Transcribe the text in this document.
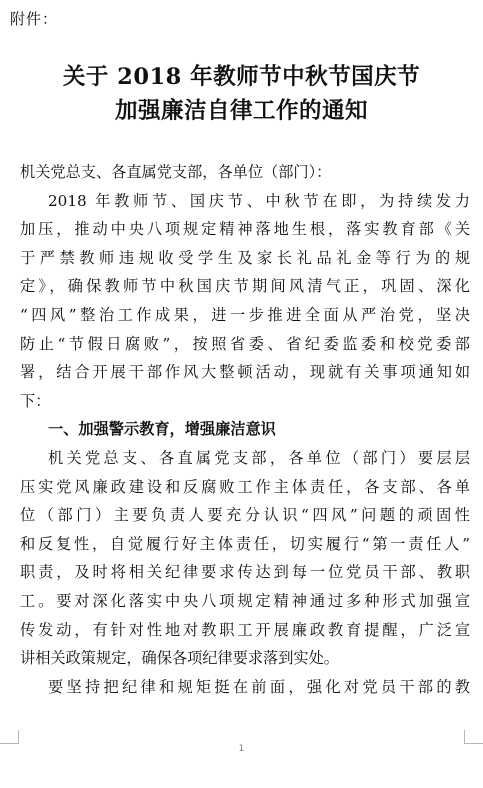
附件：
关于 2018 年教师节中秋节国庆节
加强廉洁自律工作的通知
机关党总支、各直属党支部，各单位（部门）：
2018 年教师节、国庆节、中秋节在即，为持续发力
加压，推动中央八项规定精神落地生根，落实教育部《关
于严禁教师违规收受学生及家长礼品礼金等行为的规
定》，确保教师节中秋国庆节期间风清气正，巩固、深化
“四风”整治工作成果，进一步推进全面从严治党，坚决
防止“节假日腐败”，按照省委、省纪委监委和校党委部
署，结合开展干部作风大整顿活动，现就有关事项通知如
下：
一、加强警示教育，增强廉洁意识
机关党总支、各直属党支部，各单位（部门）要层层
压实党风廉政建设和反腐败工作主体责任，各支部、各单
位（部门）主要负责人要充分认识“四风”问题的顽固性
和反复性，自觉履行好主体责任，切实履行“第一责任人”
职责，及时将相关纪律要求传达到每一位党员干部、教职
工。要对深化落实中央八项规定精神通过多种形式加强宣
传发动，有针对性地对教职工开展廉政教育提醒，广泛宣
讲相关政策规定，确保各项纪律要求落到实处。
要坚持把纪律和规矩挺在前面，强化对党员干部的教
1
